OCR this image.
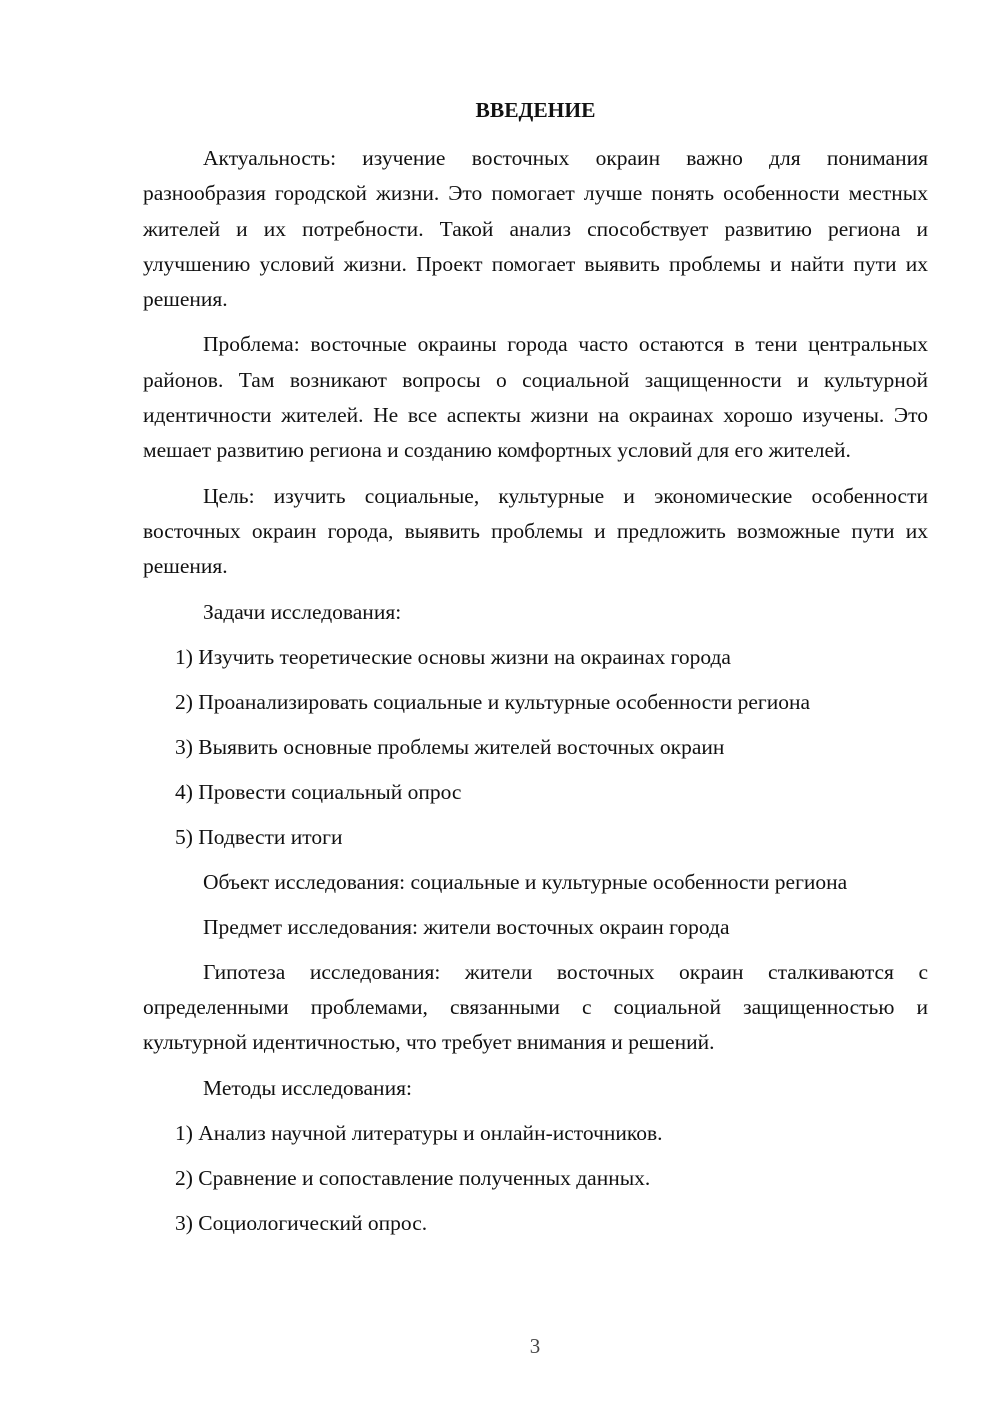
ВВЕДЕНИЕ

Актуальность: изучение восточных окраин важно для понимания разнообразия городской жизни. Это помогает лучше понять особенности местных жителей и их потребности. Такой анализ способствует развитию региона и улучшению условий жизни. Проект помогает выявить проблемы и найти пути их решения.

Проблема: восточные окраины города часто остаются в тени центральных районов. Там возникают вопросы о социальной защищенности и культурной идентичности жителей. Не все аспекты жизни на окраинах хорошо изучены. Это мешает развитию региона и созданию комфортных условий для его жителей.

Цель: изучить социальные, культурные и экономические особенности восточных окраин города, выявить проблемы и предложить возможные пути их решения.

Задачи исследования:

1) Изучить теоретические основы жизни на окраинах города

2) Проанализировать социальные и культурные особенности региона

3) Выявить основные проблемы жителей восточных окраин

4) Провести социальный опрос

5) Подвести итоги

Объект исследования: социальные и культурные особенности региона

Предмет исследования: жители восточных окраин города

Гипотеза исследования: жители восточных окраин сталкиваются с определенными проблемами, связанными с социальной защищенностью и культурной идентичностью, что требует внимания и решений.

Методы исследования:

1) Анализ научной литературы и онлайн-источников.

2) Сравнение и сопоставление полученных данных.

3) Социологический опрос.

3
